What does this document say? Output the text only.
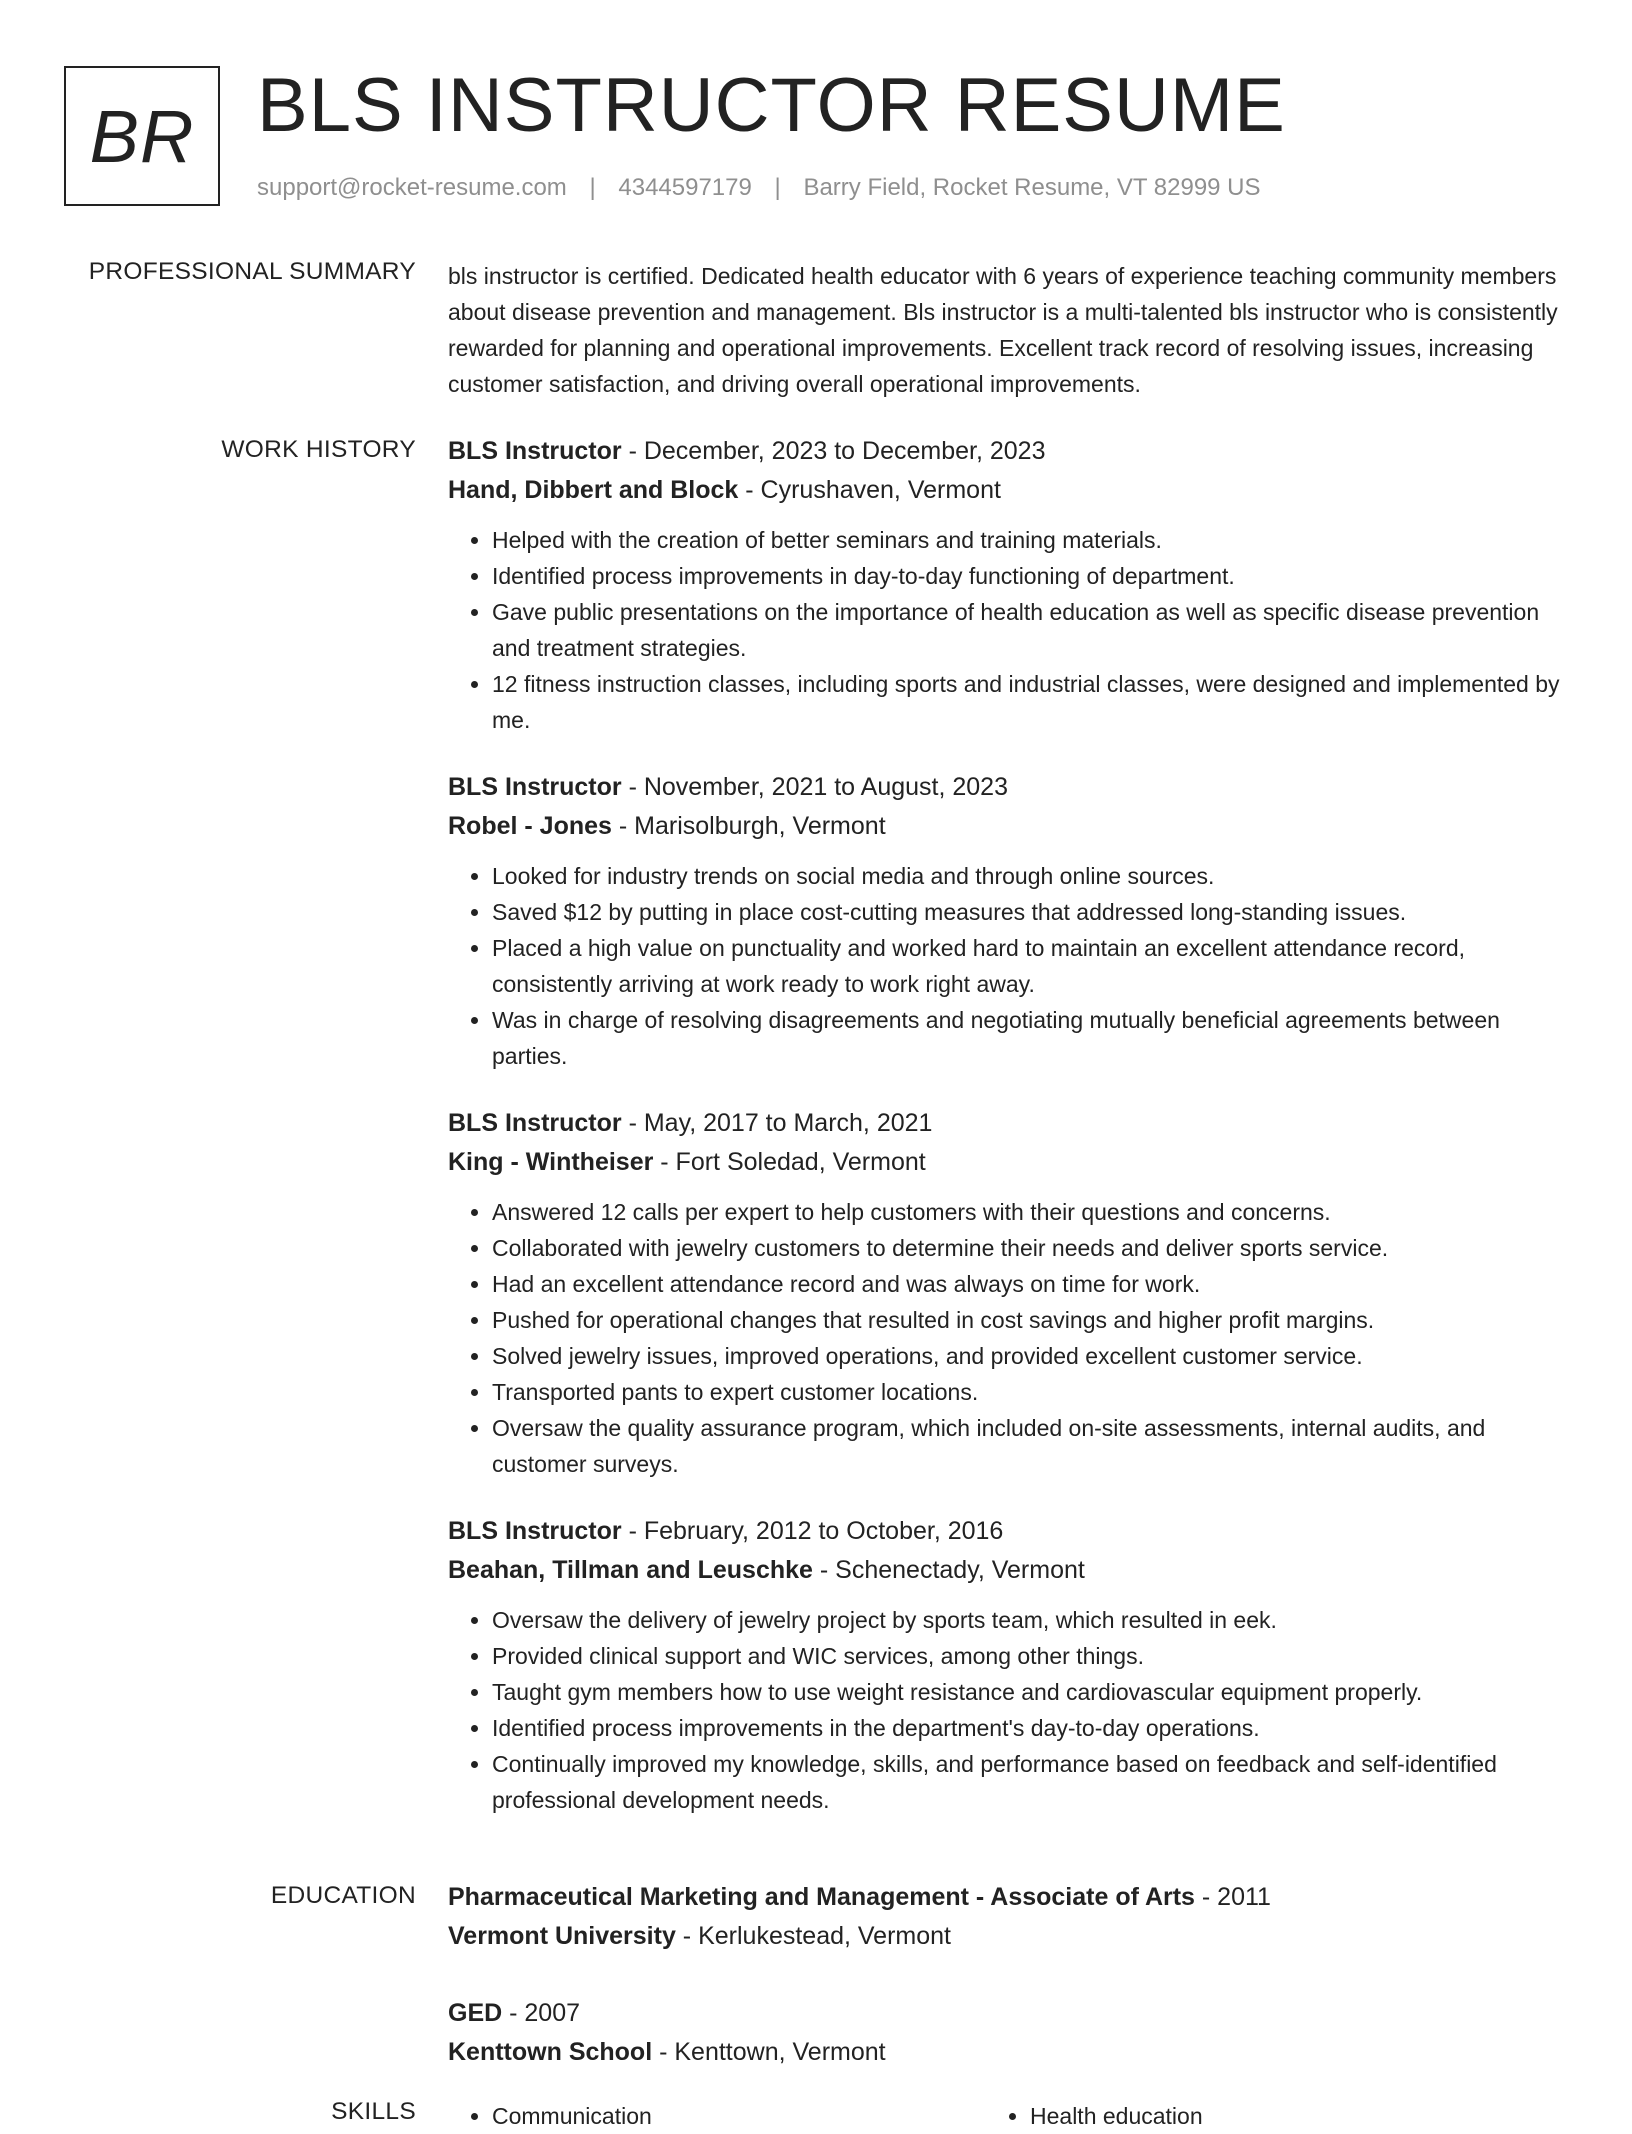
BR BLS INSTRUCTOR RESUME
support@rocket-resume.com | 4344597179 | Barry Field, Rocket Resume, VT 82999 US
PROFESSIONAL SUMMARY bls instructor is certified. Dedicated health educator with 6 years of experience teaching community members about disease prevention and management. Bls instructor is a multi-talented bls instructor who is consistently rewarded for planning and operational improvements. Excellent track record of resolving issues, increasing customer satisfaction, and driving overall operational improvements.

WORK HISTORY BLS Instructor - December, 2023 to December, 2023
Hand, Dibbert and Block - Cyrushaven, Vermont
• Helped with the creation of better seminars and training materials.
• Identified process improvements in day-to-day functioning of department.
• Gave public presentations on the importance of health education as well as specific disease prevention and treatment strategies.
• 12 fitness instruction classes, including sports and industrial classes, were designed and implemented by me.
BLS Instructor - November, 2021 to August, 2023
Robel - Jones - Marisolburgh, Vermont
• Looked for industry trends on social media and through online sources.
• Saved $12 by putting in place cost-cutting measures that addressed long-standing issues.
• Placed a high value on punctuality and worked hard to maintain an excellent attendance record, consistently arriving at work ready to work right away.
• Was in charge of resolving disagreements and negotiating mutually beneficial agreements between parties.
BLS Instructor - May, 2017 to March, 2021
King - Wintheiser - Fort Soledad, Vermont
• Answered 12 calls per expert to help customers with their questions and concerns.
• Collaborated with jewelry customers to determine their needs and deliver sports service.
• Had an excellent attendance record and was always on time for work.
• Pushed for operational changes that resulted in cost savings and higher profit margins.
• Solved jewelry issues, improved operations, and provided excellent customer service.
• Transported pants to expert customer locations.
• Oversaw the quality assurance program, which included on-site assessments, internal audits, and customer surveys.
BLS Instructor - February, 2012 to October, 2016
Beahan, Tillman and Leuschke - Schenectady, Vermont
• Oversaw the delivery of jewelry project by sports team, which resulted in eek.
• Provided clinical support and WIC services, among other things.
• Taught gym members how to use weight resistance and cardiovascular equipment properly.
• Identified process improvements in the department's day-to-day operations.
• Continually improved my knowledge, skills, and performance based on feedback and self-identified professional development needs.
EDUCATION Pharmaceutical Marketing and Management - Associate of Arts - 2011
Vermont University - Kerlukestead, Vermont
GED - 2007
Kenttown School - Kenttown, Vermont
SKILLS	• Communication	• Health education
